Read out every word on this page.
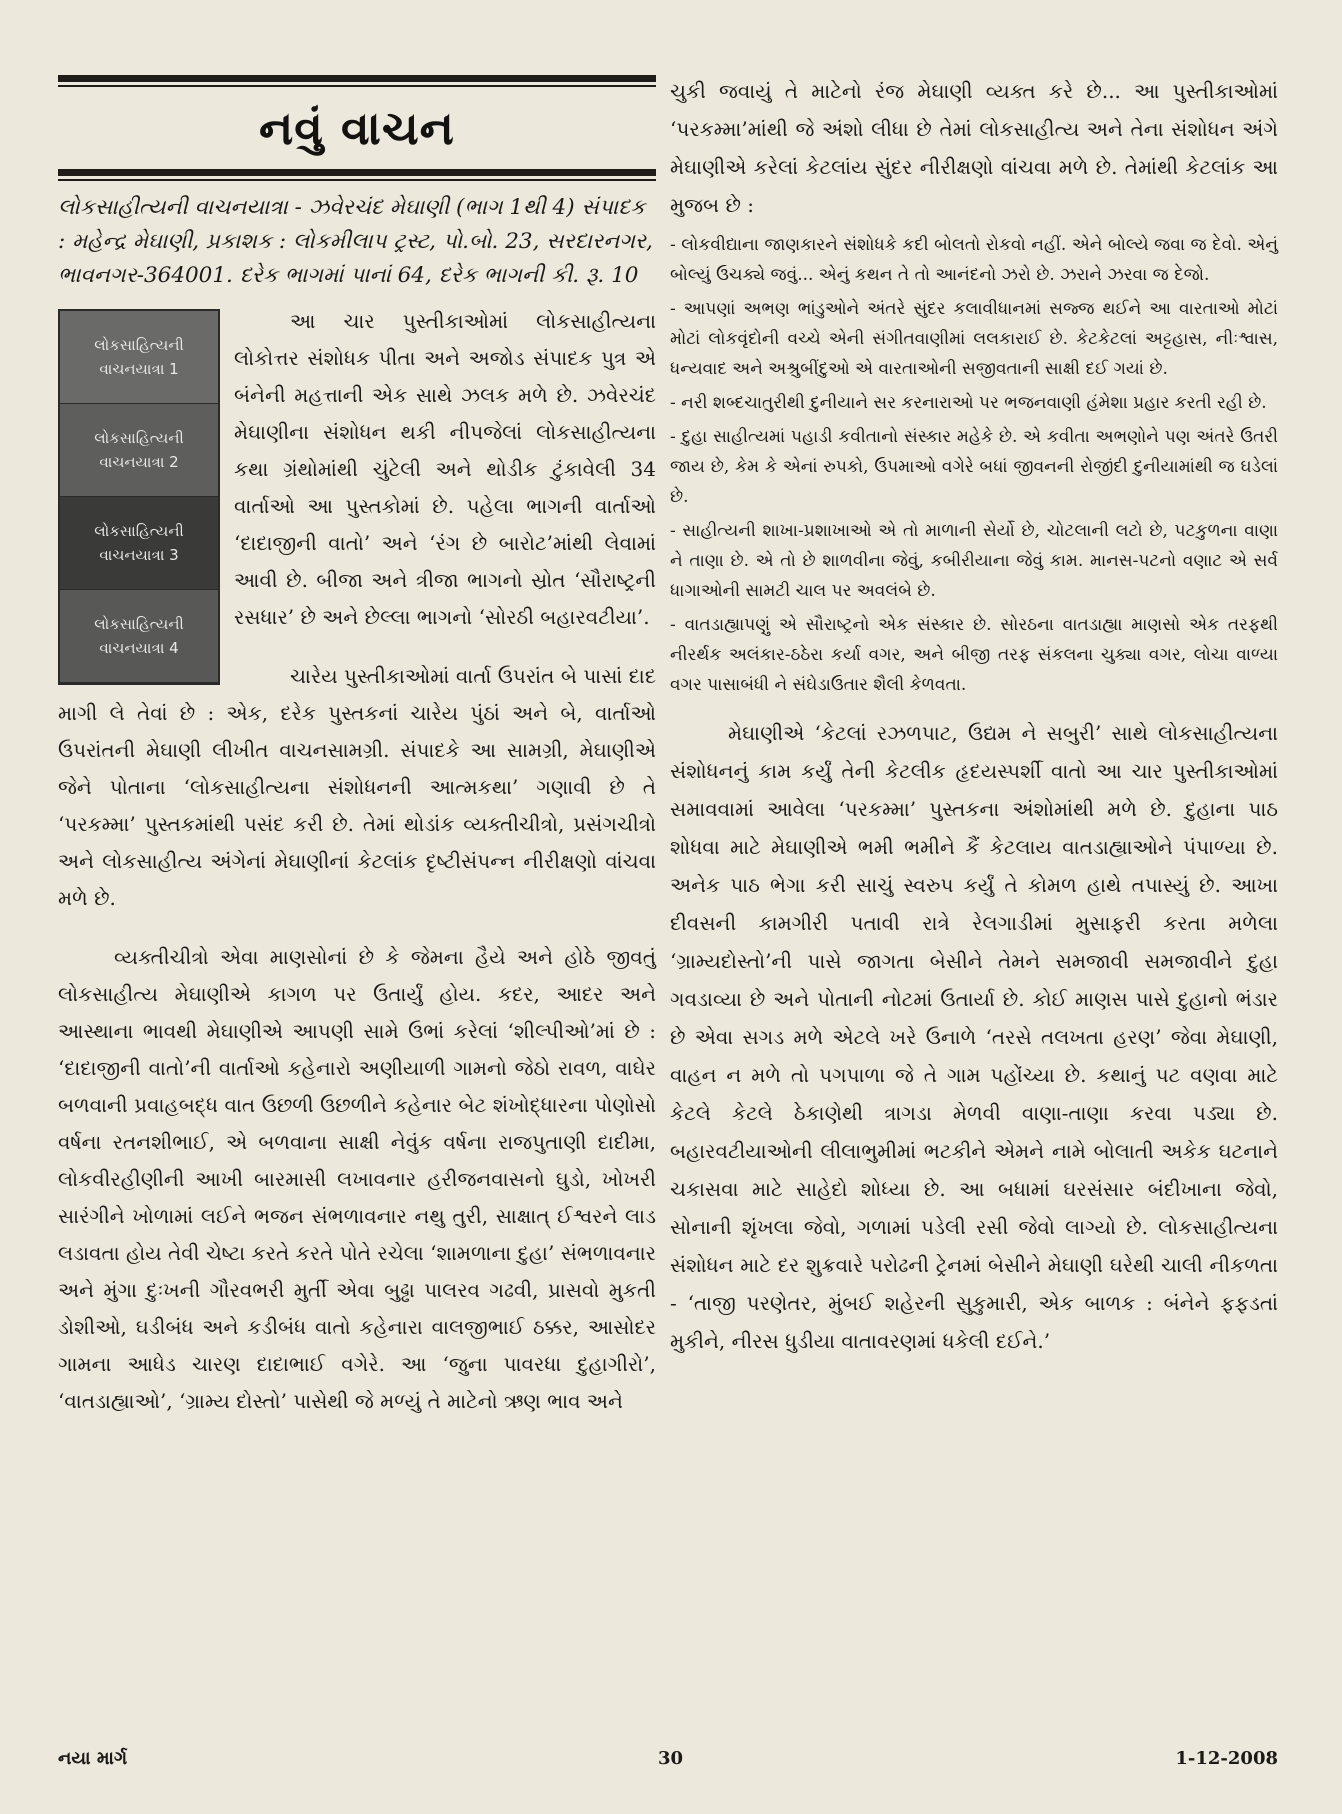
નવું વાચન
લોકસાહીત્યની વાચનયાત્રા - ઝવેરચંદ મેઘાણી (ભાગ 1થી 4) સંપાદક : મહેન્દ્ર મેઘાણી, પ્રકાશક : લોકમીલાપ ટ્રસ્ટ, પો.બો. 23, સરદારનગર, ભાવનગર-364001. દરેક ભાગમાં પાનાં 64, દરેક ભાગની કી. રૂ. 10
લોકસાહિત્યની
વાચનયાત્રા 1
લોકસાહિત્યની
વાચનયાત્રા 2
લોકસાહિત્યની
વાચનયાત્રા 3
લોકસાહિત્યની
વાચનયાત્રા 4

આ ચાર પુસ્તીકાઓમાં લોકસાહીત્યના લોકોત્તર સંશોધક પીતા અને અજોડ સંપાદક પુત્ર એ બંનેની મહત્તાની એક સાથે ઝલક મળે છે. ઝવેરચંદ મેઘાણીના સંશોધન થકી નીપજેલાં લોકસાહીત્યના કથા ગ્રંથોમાંથી ચુંટેલી અને થોડીક ટુંકાવેલી 34 વાર્તાઓ આ પુસ્તકોમાં છે. પહેલા ભાગની વાર્તાઓ ‘દાદાજીની વાતો’ અને ‘રંગ છે બારોટ’માંથી લેવામાં આવી છે. બીજા અને ત્રીજા ભાગનો સ્રોત ‘સૌરાષ્ટ્રની રસધાર’ છે અને છેલ્લા ભાગનો ‘સોરઠી બહારવટીયા’.

ચારેય પુસ્તીકાઓમાં વાર્તા ઉપરાંત બે પાસાં દાદ માગી લે તેવાં છે : એક, દરેક પુસ્તકનાં ચારેય પુંઠાં અને બે, વાર્તાઓ ઉપરાંતની મેઘાણી લીખીત વાચનસામગ્રી. સંપાદકે આ સામગ્રી, મેઘાણીએ જેને પોતાના ‘લોકસાહીત્યના સંશોધનની આત્મકથા’ ગણાવી છે તે ‘પરકમ્મા’ પુસ્તકમાંથી પસંદ કરી છે. તેમાં થોડાંક વ્યક્તીચીત્રો, પ્રસંગચીત્રો અને લોકસાહીત્ય અંગેનાં મેઘાણીનાં કેટલાંક દૃષ્ટીસંપન્ન નીરીક્ષણો વાંચવા મળે છે.

વ્યક્તીચીત્રો એવા માણસોનાં છે કે જેમના હૈયે અને હોઠે જીવતું લોકસાહીત્ય મેઘાણીએ કાગળ પર ઉતાર્યું હોય. કદર, આદર અને આસ્થાના ભાવથી મેઘાણીએ આપણી સામે ઉભાં કરેલાં ‘શીલ્પીઓ’માં છે : ‘દાદાજીની વાતો’ની વાર્તાઓ કહેનારો અણીયાળી ગામનો જેઠો રાવળ, વાઘેર બળવાની પ્રવાહબદ્ધ વાત ઉછળી ઉછળીને કહેનાર બેટ શંખોદ્ધારના પોણોસો વર્ષના રતનશીભાઈ, એ બળવાના સાક્ષી નેવુંક વર્ષના રાજપુતાણી દાદીમા, લોકવીરહીણીની આખી બારમાસી લખાવનાર હરીજનવાસનો ઘુડો, ખોખરી સારંગીને ખોળામાં લઈને ભજન સંભળાવનાર નથુ તુરી, સાક્ષાત્ ઈશ્વરને લાડ લડાવતા હોય તેવી ચેષ્ટા કરતે કરતે પોતે રચેલા ‘શામળાના દુહા’ સંભળાવનાર અને મુંગા દુઃખની ગૌરવભરી મુર્તી એવા બુઢ્ઢા પાલરવ ગઢવી, પ્રાસવો મુકતી ડોશીઓ, ઘડીબંધ અને કડીબંધ વાતો કહેનારા વાલજીભાઈ ઠક્કર, આસોદર ગામના આધેડ ચારણ દાદાભાઈ વગેરે. આ ‘જુના પાવરધા દુહાગીરો’, ‘વાતડાહ્યાઓ’, ‘ગ્રામ્ય દોસ્તો’ પાસેથી જે મળ્યું તે માટેનો ઋણ ભાવ અને

ચુકી જવાયું તે માટેનો રંજ મેઘાણી વ્યક્ત કરે છે... આ પુસ્તીકાઓમાં ‘પરકમ્મા’માંથી જે અંશો લીધા છે તેમાં લોકસાહીત્ય અને તેના સંશોધન અંગે મેઘાણીએ કરેલાં કેટલાંય સુંદર નીરીક્ષણો વાંચવા મળે છે. તેમાંથી કેટલાંક આ મુજબ છે :

- લોકવીદ્યાના જાણકારને સંશોધકે કદી બોલતો રોકવો નહીં. એને બોલ્યે જવા જ દેવો. એનું બોલ્યું ઉચક્યે જવું... એનું કથન તે તો આનંદનો ઝરો છે. ઝરાને ઝરવા જ દેજો.

- આપણાં અભણ ભાંડુઓને અંતરે સુંદર કલાવીધાનમાં સજ્જ થઈને આ વારતાઓ મોટાં મોટાં લોકવૃંદોની વચ્ચે એની સંગીતવાણીમાં લલકારાઈ છે. કેટકેટલાં અટ્ટહાસ, નીઃશ્વાસ, ધન્યવાદ અને અશ્રુબીંદુઓ એ વારતાઓની સજીવતાની સાક્ષી દઈ ગયાં છે.

- નરી શબ્દચાતુરીથી દુનીયાને સર કરનારાઓ પર ભજનવાણી હંમેશા પ્રહાર કરતી રહી છે.

- દુહા સાહીત્યમાં પહાડી કવીતાનો સંસ્કાર મહેકે છે. એ કવીતા અભણોને પણ અંતરે ઉતરી જાય છે, કેમ કે એનાં રુપકો, ઉપમાઓ વગેરે બધાં જીવનની રોજીંદી દુનીયામાંથી જ ઘડેલાં છે.

- સાહીત્યની શાખા-પ્રશાખાઓ એ તો માળાની સેર્યો છે, ચોટલાની લટો છે, પટકુળના વાણા ને તાણા છે. એ તો છે શાળવીના જેવું, કબીરીયાના જેવું કામ. માનસ-પટનો વણાટ એ સર્વ ધાગાઓની સામટી ચાલ પર અવલંબે છે.

- વાતડાહ્યાપણું એ સૌરાષ્ટ્રનો એક સંસ્કાર છે. સોરઠના વાતડાહ્યા માણસો એક તરફથી નીરર્થક અલંકાર-ઠઠેરા કર્યા વગર, અને બીજી તરફ સંકલના ચુક્યા વગર, લોચા વાળ્યા વગર પાસાબંધી ને સંઘેડાઉતાર શૈલી કેળવતા.

મેઘાણીએ ‘કેટલાં રઝળપાટ, ઉદ્યમ ને સબુરી’ સાથે લોકસાહીત્યના સંશોધનનું કામ કર્યું તેની કેટલીક હૃદયસ્પર્શી વાતો આ ચાર પુસ્તીકાઓમાં સમાવવામાં આવેલા ‘પરકમ્મા’ પુસ્તકના અંશોમાંથી મળે છે. દુહાના પાઠ શોધવા માટે મેઘાણીએ ભમી ભમીને કૈં કેટલાય વાતડાહ્યાઓને પંપાળ્યા છે. અનેક પાઠ ભેગા કરી સાચું સ્વરુપ કર્યું તે કોમળ હાથે તપાસ્યું છે. આખા દીવસની કામગીરી પતાવી રાત્રે રેલગાડીમાં મુસાફરી કરતા મળેલા ‘ગ્રામ્યદોસ્તો’ની પાસે જાગતા બેસીને તેમને સમજાવી સમજાવીને દુહા ગવડાવ્યા છે અને પોતાની નોટમાં ઉતાર્યા છે. કોઈ માણસ પાસે દુહાનો ભંડાર છે એવા સગડ મળે એટલે ખરે ઉનાળે ‘તરસે તલખતા હરણ’ જેવા મેઘાણી, વાહન ન મળે તો પગપાળા જે તે ગામ પહોંચ્યા છે. કથાનું પટ વણવા માટે કેટલે કેટલે ઠેકાણેથી ત્રાગડા મેળવી વાણા-તાણા કરવા પડ્યા છે. બહારવટીયાઓની લીલાભુમીમાં ભટકીને એમને નામે બોલાતી અકેક ઘટનાને ચકાસવા માટે સાહેદો શોધ્યા છે. આ બધામાં ઘરસંસાર બંદીખાના જેવો, સોનાની શૃંખલા જેવો, ગળામાં પડેલી રસી જેવો લાગ્યો છે. લોકસાહીત્યના સંશોધન માટે દર શુક્રવારે પરોઢની ટ્રેનમાં બેસીને મેઘાણી ઘરેથી ચાલી નીકળતા - ‘તાજી પરણેતર, મુંબઈ શહેરની સુકુમારી, એક બાળક : બંનેને ફફડતાં મુકીને, નીરસ ધુડીયા વાતાવરણમાં ધકેલી દઈને.’

નયા માર્ગ	30	1-12-2008
